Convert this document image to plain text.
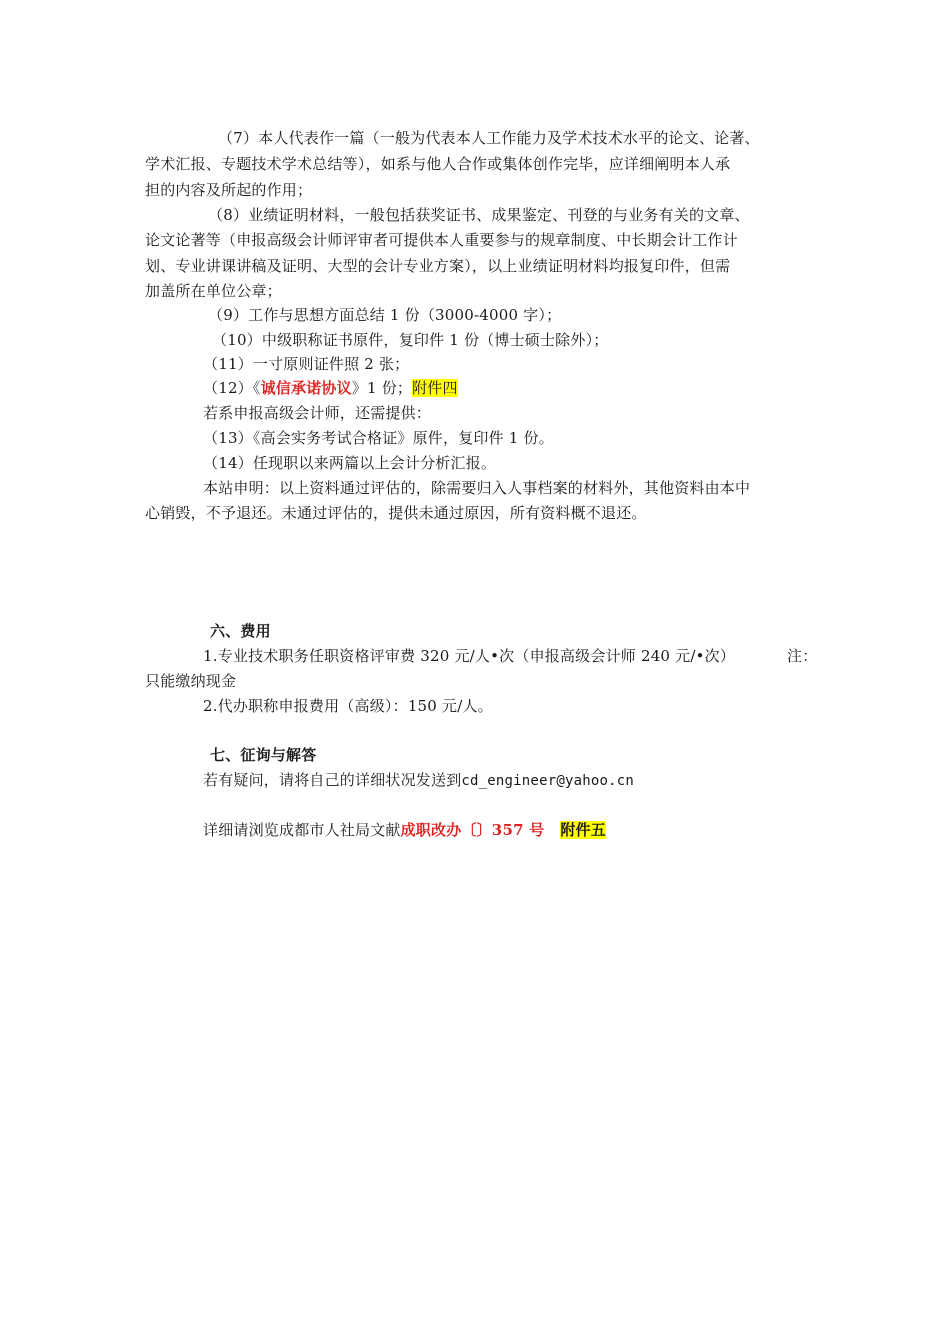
（7）本人代表作一篇（一般为代表本人工作能力及学术技术水平的论文、论著、
学术汇报、专题技术学术总结等），如系与他人合作或集体创作完毕，应详细阐明本人承
担的内容及所起的作用；
（8）业绩证明材料，一般包括获奖证书、成果鉴定、刊登的与业务有关的文章、
论文论著等（申报高级会计师评审者可提供本人重要参与的规章制度、中长期会计工作计
划、专业讲课讲稿及证明、大型的会计专业方案），以上业绩证明材料均报复印件，但需
加盖所在单位公章；
（9）工作与思想方面总结 1 份（3000-4000 字）；
（10）中级职称证书原件，复印件 1 份（博士硕士除外）；
（11）一寸原则证件照 2 张；
（12）《诚信承诺协议》1 份；附件四
若系申报高级会计师，还需提供：
（13）《高会实务考试合格证》原件，复印件 1 份。
（14）任现职以来两篇以上会计分析汇报。
本站申明：以上资料通过评估的，除需要归入人事档案的材料外，其他资料由本中
心销毁，不予退还。未通过评估的，提供未通过原因，所有资料概不退还。
六、费用
1.专业技术职务任职资格评审费 320 元/人•次（申报高级会计师 240 元/•次）	注：
只能缴纳现金
2.代办职称申报费用（高级）：150 元/人。
七、征询与解答
若有疑问，请将自己的详细状况发送到cd_engineer@yahoo.cn
详细请浏览成都市人社局文献成职改办〔〕357 号 附件五
